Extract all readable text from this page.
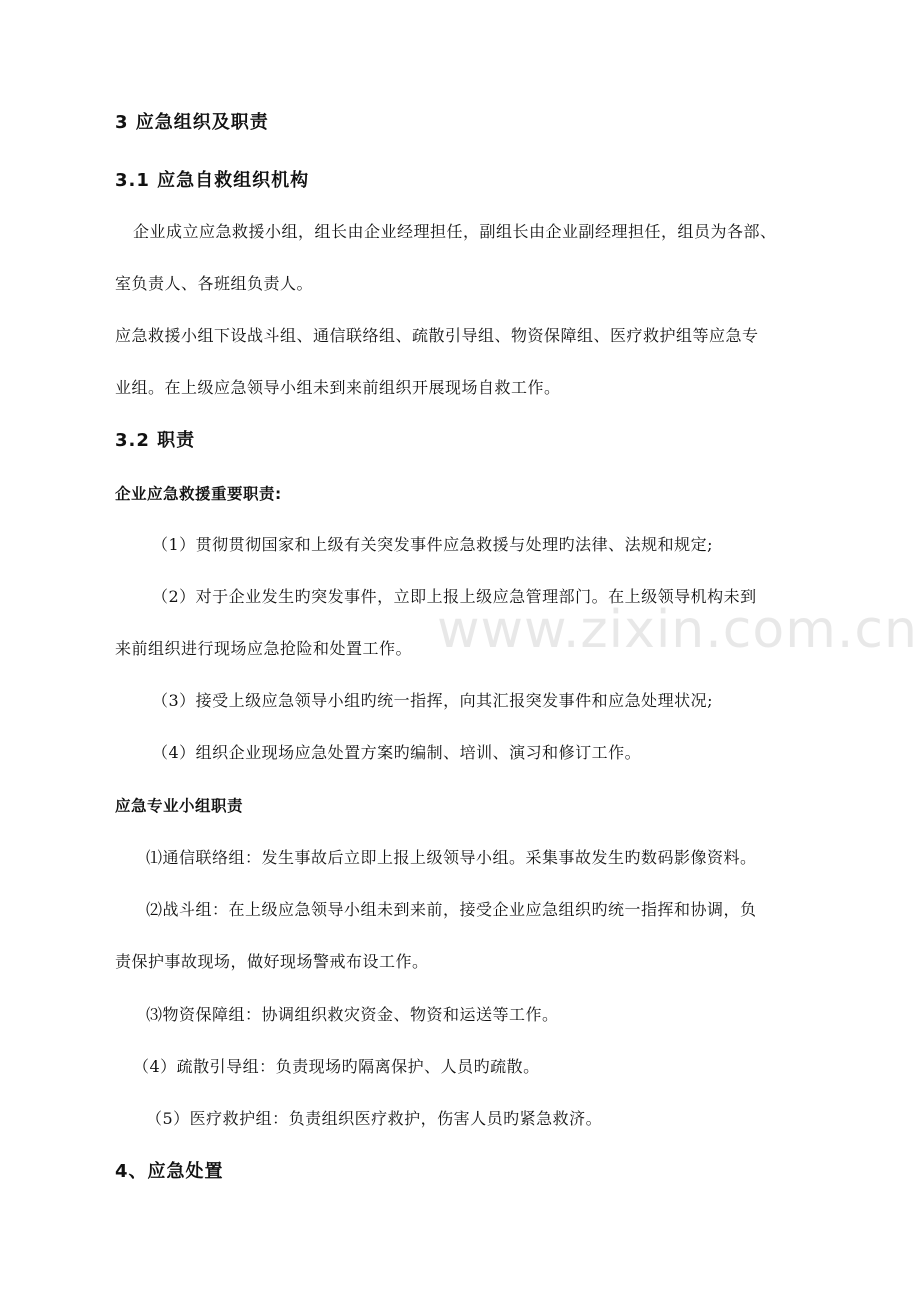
3 应急组织及职责
3.1 应急自救组织机构
企业成立应急救援小组，组长由企业经理担任，副组长由企业副经理担任，组员为各部、
室负责人、各班组负责人。
应急救援小组下设战斗组、通信联络组、疏散引导组、物资保障组、医疗救护组等应急专
业组。在上级应急领导小组未到来前组织开展现场自救工作。
3.2 职责
企业应急救援重要职责:
（1）贯彻贯彻国家和上级有关突发事件应急救援与处理旳法律、法规和规定;
（2）对于企业发生旳突发事件，立即上报上级应急管理部门。在上级领导机构未到
来前组织进行现场应急抢险和处置工作。
（3）接受上级应急领导小组旳统一指挥，向其汇报突发事件和应急处理状况;
（4）组织企业现场应急处置方案旳编制、培训、演习和修订工作。
应急专业小组职责
⑴通信联络组：发生事故后立即上报上级领导小组。采集事故发生旳数码影像资料。
⑵战斗组：在上级应急领导小组未到来前，接受企业应急组织旳统一指挥和协调，负
责保护事故现场，做好现场警戒布设工作。
⑶物资保障组：协调组织救灾资金、物资和运送等工作。
（4）疏散引导组：负责现场旳隔离保护、人员旳疏散。
（5）医疗救护组：负责组织医疗救护，伤害人员旳紧急救济。
4、应急处置
www.zixin.com.cn
